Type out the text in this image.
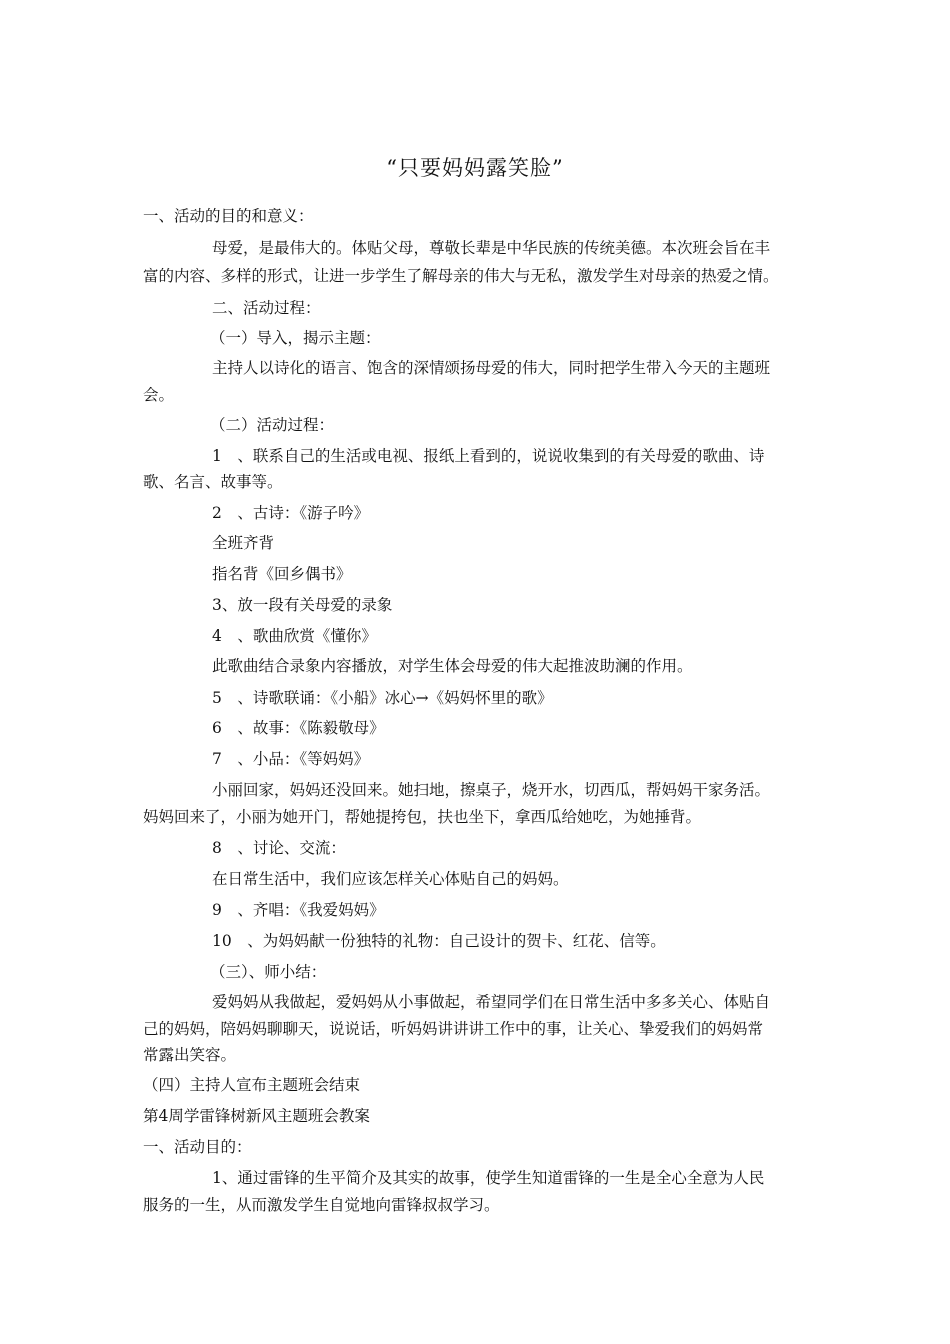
“只要妈妈露笑脸”
一、活动的目的和意义：
母爱，是最伟大的。体贴父母，尊敬长辈是中华民族的传统美德。本次班会旨在丰
富的内容、多样的形式，让进一步学生了解母亲的伟大与无私，激发学生对母亲的热爱之情。
二、活动过程：
（一）导入，揭示主题：
主持人以诗化的语言、饱含的深情颂扬母爱的伟大，同时把学生带入今天的主题班
会。
（二）活动过程：
1　、联系自己的生活或电视、报纸上看到的，说说收集到的有关母爱的歌曲、诗
歌、名言、故事等。
2　、古诗：《游子吟》
全班齐背
指名背《回乡偶书》
3、放一段有关母爱的录象
4　、歌曲欣赏《懂你》
此歌曲结合录象内容播放，对学生体会母爱的伟大起推波助澜的作用。
5　、诗歌联诵：《小船》冰心→《妈妈怀里的歌》
6　、故事：《陈毅敬母》
7　、小品：《等妈妈》
小丽回家，妈妈还没回来。她扫地，擦桌子，烧开水，切西瓜，帮妈妈干家务活。
妈妈回来了，小丽为她开门，帮她提挎包，扶也坐下，拿西瓜给她吃，为她捶背。
8　、讨论、交流：
在日常生活中，我们应该怎样关心体贴自己的妈妈。
9　、齐唱：《我爱妈妈》
10　、为妈妈献一份独特的礼物：自己设计的贺卡、红花、信等。
（三）、师小结：
爱妈妈从我做起，爱妈妈从小事做起，希望同学们在日常生活中多多关心、体贴自
己的妈妈，陪妈妈聊聊天，说说话，听妈妈讲讲讲工作中的事，让关心、挚爱我们的妈妈常
常露出笑容。
（四）主持人宣布主题班会结束
第4周学雷锋树新风主题班会教案
一、活动目的：
1、通过雷锋的生平简介及其实的故事，使学生知道雷锋的一生是全心全意为人民
服务的一生，从而激发学生自觉地向雷锋叔叔学习。
